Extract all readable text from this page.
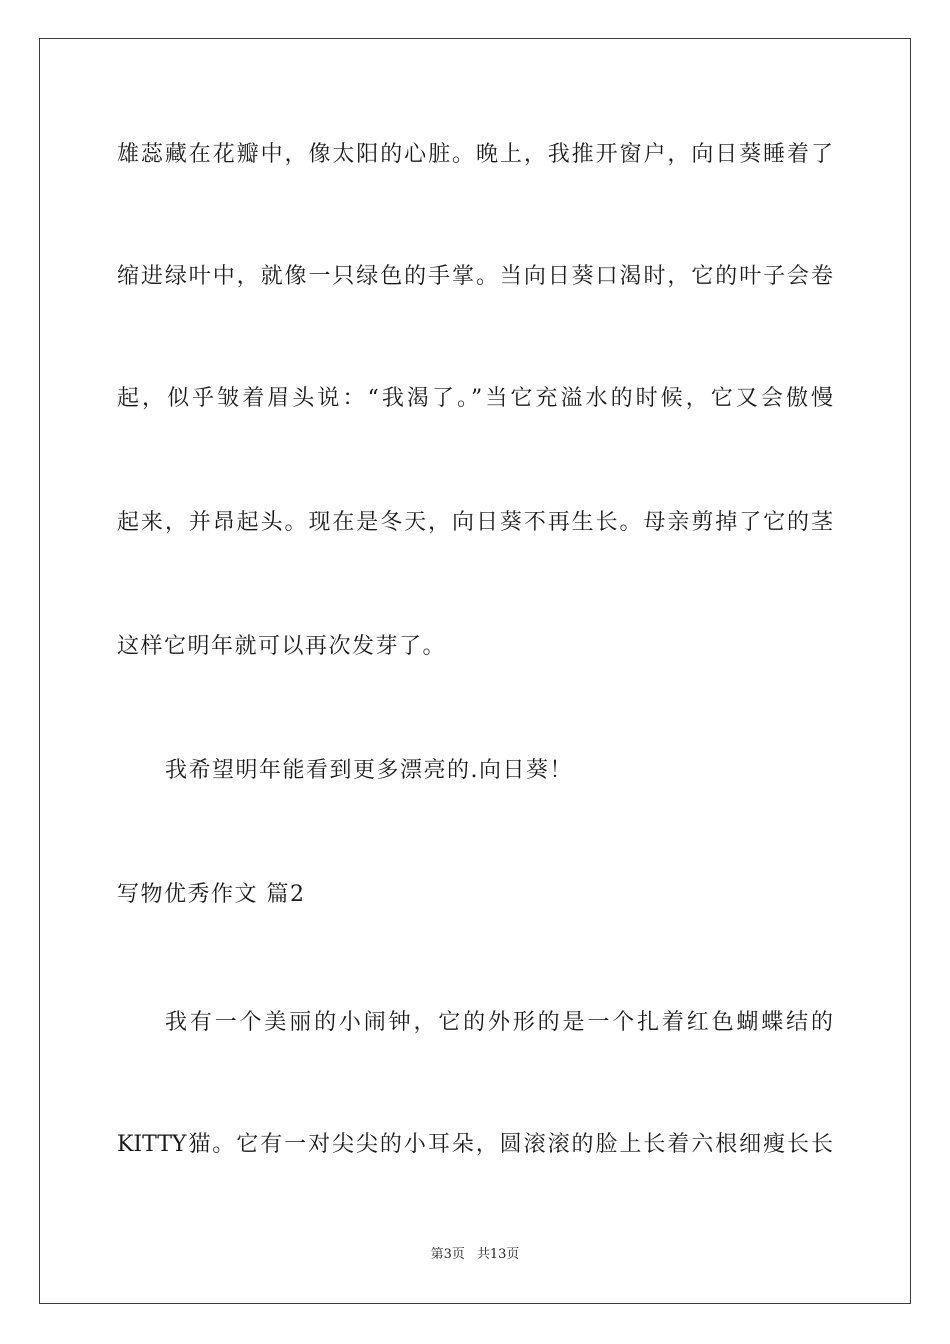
雄蕊藏在花瓣中，像太阳的心脏。晚上，我推开窗户，向日葵睡着了
缩进绿叶中，就像一只绿色的手掌。当向日葵口渴时，它的叶子会卷
起，似乎皱着眉头说：“我渴了。”当它充溢水的时候，它又会傲慢
起来，并昂起头。现在是冬天，向日葵不再生长。母亲剪掉了它的茎
这样它明年就可以再次发芽了。
我希望明年能看到更多漂亮的.向日葵！
写物优秀作文 篇2
我有一个美丽的小闹钟，它的外形的是一个扎着红色蝴蝶结的
KITTY猫。它有一对尖尖的小耳朵，圆滚滚的脸上长着六根细瘦长长
第3页 共13页
